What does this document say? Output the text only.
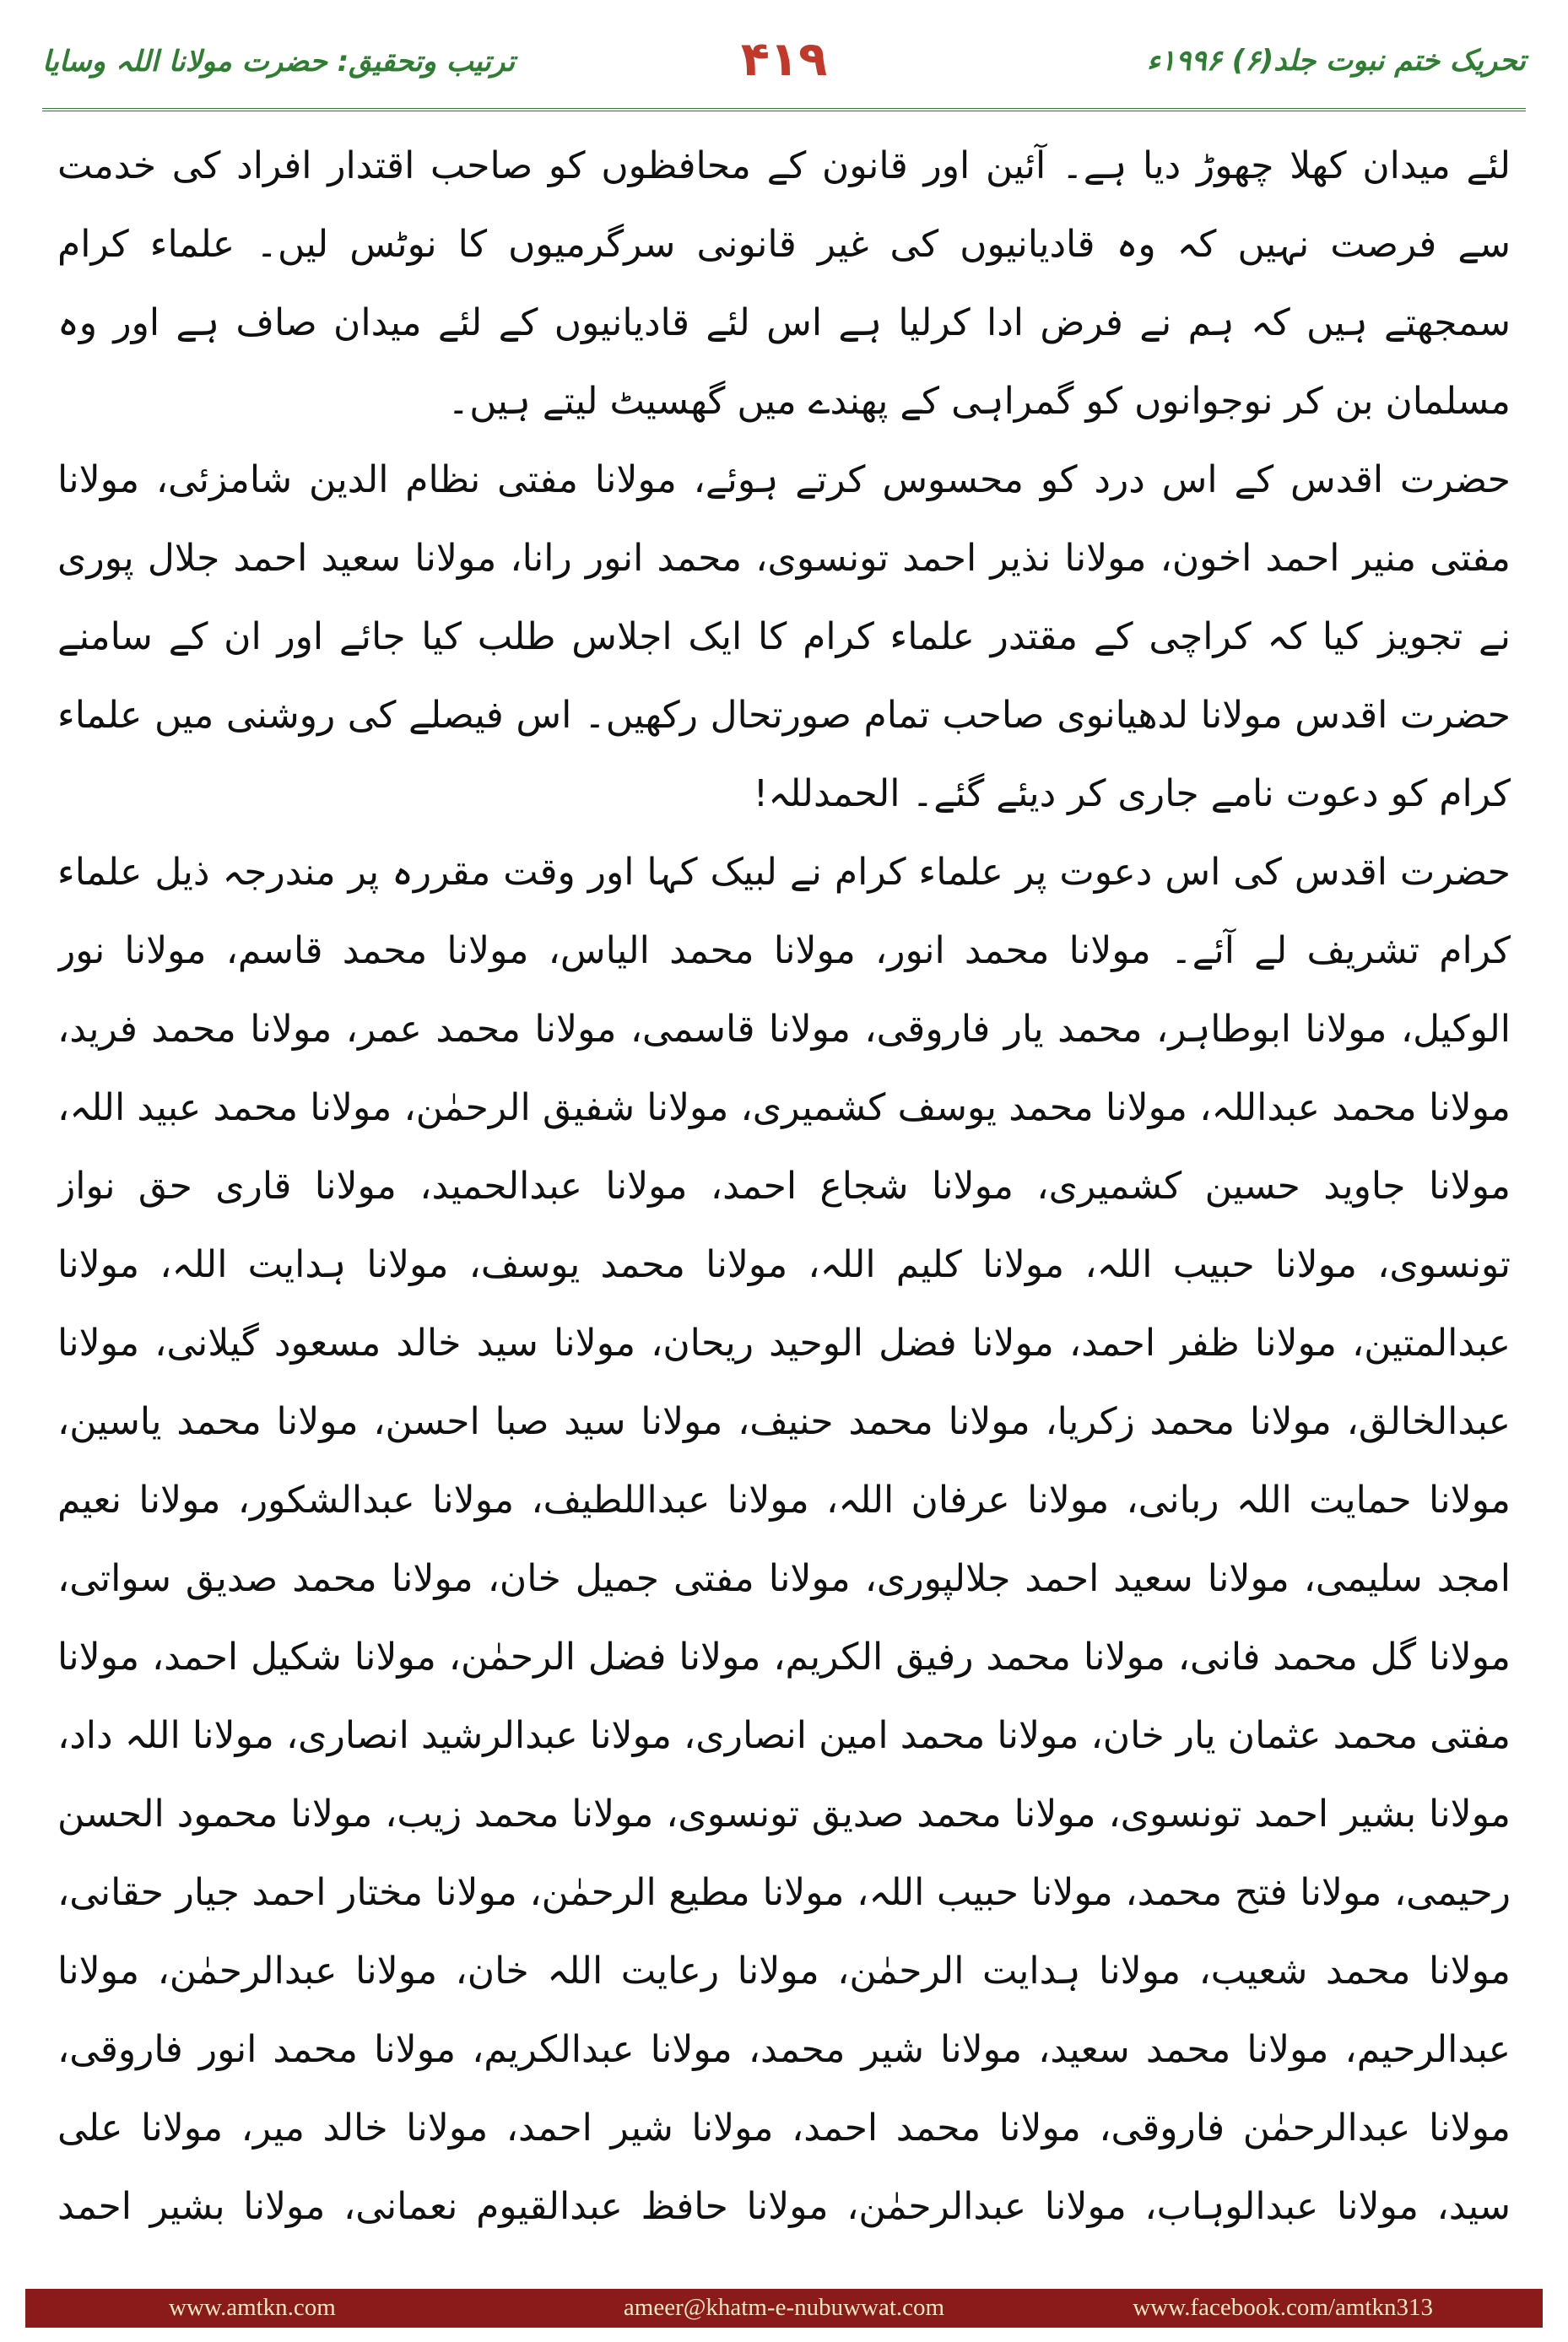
تحریک ختم نبوت جلد(۶) ۱۹۹۶ء
۴۱۹
ترتیب وتحقیق: حضرت مولانا اللہ وسایا

لئے میدان کھلا چھوڑ دیا ہے۔ آئین اور قانون کے محافظوں کو صاحب اقتدار افراد کی خدمت سے فرصت نہیں کہ وہ قادیانیوں کی غیر قانونی سرگرمیوں کا نوٹس لیں۔ علماء کرام سمجھتے ہیں کہ ہم نے فرض ادا کرلیا ہے اس لئے قادیانیوں کے لئے میدان صاف ہے اور وہ مسلمان بن کر نوجوانوں کو گمراہی کے پھندے میں گھسیٹ لیتے ہیں۔

حضرت اقدس کے اس درد کو محسوس کرتے ہوئے، مولانا مفتی نظام الدین شامزئی، مولانا مفتی منیر احمد اخون، مولانا نذیر احمد تونسوی، محمد انور رانا، مولانا سعید احمد جلال پوری نے تجویز کیا کہ کراچی کے مقتدر علماء کرام کا ایک اجلاس طلب کیا جائے اور ان کے سامنے حضرت اقدس مولانا لدھیانوی صاحب تمام صورتحال رکھیں۔ اس فیصلے کی روشنی میں علماء کرام کو دعوت نامے جاری کر دیئے گئے۔ الحمدللہ!

حضرت اقدس کی اس دعوت پر علماء کرام نے لبیک کہا اور وقت مقررہ پر مندرجہ ذیل علماء کرام تشریف لے آئے۔ مولانا محمد انور، مولانا محمد الیاس، مولانا محمد قاسم، مولانا نور الوکیل، مولانا ابوطاہر، محمد یار فاروقی، مولانا قاسمی، مولانا محمد عمر، مولانا محمد فرید، مولانا محمد عبداللہ، مولانا محمد یوسف کشمیری، مولانا شفیق الرحمٰن، مولانا محمد عبید اللہ، مولانا جاوید حسین کشمیری، مولانا شجاع احمد، مولانا عبدالحمید، مولانا قاری حق نواز تونسوی، مولانا حبیب اللہ، مولانا کلیم اللہ، مولانا محمد یوسف، مولانا ہدایت اللہ، مولانا عبدالمتین، مولانا ظفر احمد، مولانا فضل الوحید ریحان، مولانا سید خالد مسعود گیلانی، مولانا عبدالخالق، مولانا محمد زکریا، مولانا محمد حنیف، مولانا سید صبا احسن، مولانا محمد یاسین، مولانا حمایت اللہ ربانی، مولانا عرفان اللہ، مولانا عبداللطیف، مولانا عبدالشکور، مولانا نعیم امجد سلیمی، مولانا سعید احمد جلالپوری، مولانا مفتی جمیل خان، مولانا محمد صدیق سواتی، مولانا گل محمد فانی، مولانا محمد رفیق الکریم، مولانا فضل الرحمٰن، مولانا شکیل احمد، مولانا مفتی محمد عثمان یار خان، مولانا محمد امین انصاری، مولانا عبدالرشید انصاری، مولانا اللہ داد، مولانا بشیر احمد تونسوی، مولانا محمد صدیق تونسوی، مولانا محمد زیب، مولانا محمود الحسن رحیمی، مولانا فتح محمد، مولانا حبیب اللہ، مولانا مطیع الرحمٰن، مولانا مختار احمد جیار حقانی، مولانا محمد شعیب، مولانا ہدایت الرحمٰن، مولانا رعایت اللہ خان، مولانا عبدالرحمٰن، مولانا عبدالرحیم، مولانا محمد سعید، مولانا شیر محمد، مولانا عبدالکریم، مولانا محمد انور فاروقی، مولانا عبدالرحمٰن فاروقی، مولانا محمد احمد، مولانا شیر احمد، مولانا خالد میر، مولانا علی سید، مولانا عبدالوہاب، مولانا عبدالرحمٰن، مولانا حافظ عبدالقیوم نعمانی، مولانا بشیر احمد

www.amtkn.com	ameer@khatm-e-nubuwwat.com	www.facebook.com/amtkn313
